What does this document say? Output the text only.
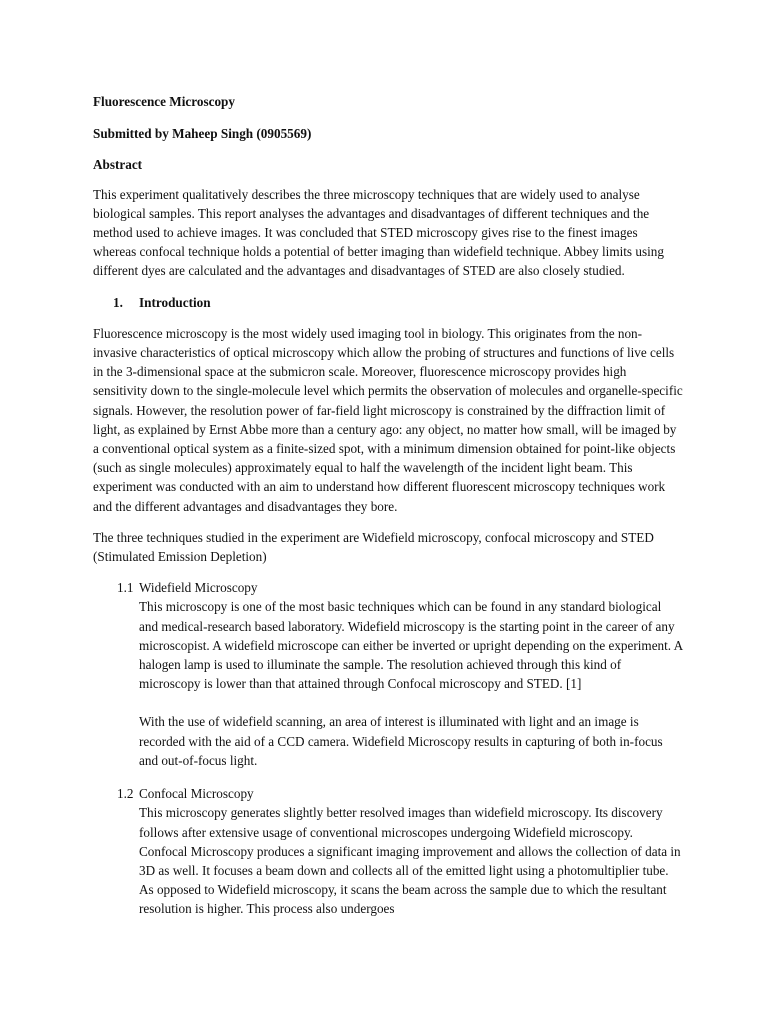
Fluorescence Microscopy

Submitted by Maheep Singh (0905569)

Abstract

This experiment qualitatively describes the three microscopy techniques that are widely used to analyse biological samples. This report analyses the advantages and disadvantages of different techniques and the method used to achieve images. It was concluded that STED microscopy gives rise to the finest images whereas confocal technique holds a potential of better imaging than widefield technique. Abbey limits using different dyes are calculated and the advantages and disadvantages of STED are also closely studied.

1. Introduction

Fluorescence microscopy is the most widely used imaging tool in biology. This originates from the non-invasive characteristics of optical microscopy which allow the probing of structures and functions of live cells in the 3-dimensional space at the submicron scale. Moreover, fluorescence microscopy provides high sensitivity down to the single-molecule level which permits the observation of molecules and organelle-specific signals. However, the resolution power of far-field light microscopy is constrained by the diffraction limit of light, as explained by Ernst Abbe more than a century ago: any object, no matter how small, will be imaged by a conventional optical system as a finite-sized spot, with a minimum dimension obtained for point-like objects (such as single molecules) approximately equal to half the wavelength of the incident light beam. This experiment was conducted with an aim to understand how different fluorescent microscopy techniques work and the different advantages and disadvantages they bore.

The three techniques studied in the experiment are Widefield microscopy, confocal microscopy and STED (Stimulated Emission Depletion)

1.1 Widefield Microscopy

This microscopy is one of the most basic techniques which can be found in any standard biological and medical-research based laboratory. Widefield microscopy is the starting point in the career of any microscopist. A widefield microscope can either be inverted or upright depending on the experiment. A halogen lamp is used to illuminate the sample. The resolution achieved through this kind of microscopy is lower than that attained through Confocal microscopy and STED. [1]

With the use of widefield scanning, an area of interest is illuminated with light and an image is recorded with the aid of a CCD camera. Widefield Microscopy results in capturing of both in-focus and out-of-focus light.

1.2 Confocal Microscopy

This microscopy generates slightly better resolved images than widefield microscopy. Its discovery follows after extensive usage of conventional microscopes undergoing Widefield microscopy. Confocal Microscopy produces a significant imaging improvement and allows the collection of data in 3D as well. It focuses a beam down and collects all of the emitted light using a photomultiplier tube. As opposed to Widefield microscopy, it scans the beam across the sample due to which the resultant resolution is higher. This process also undergoes
